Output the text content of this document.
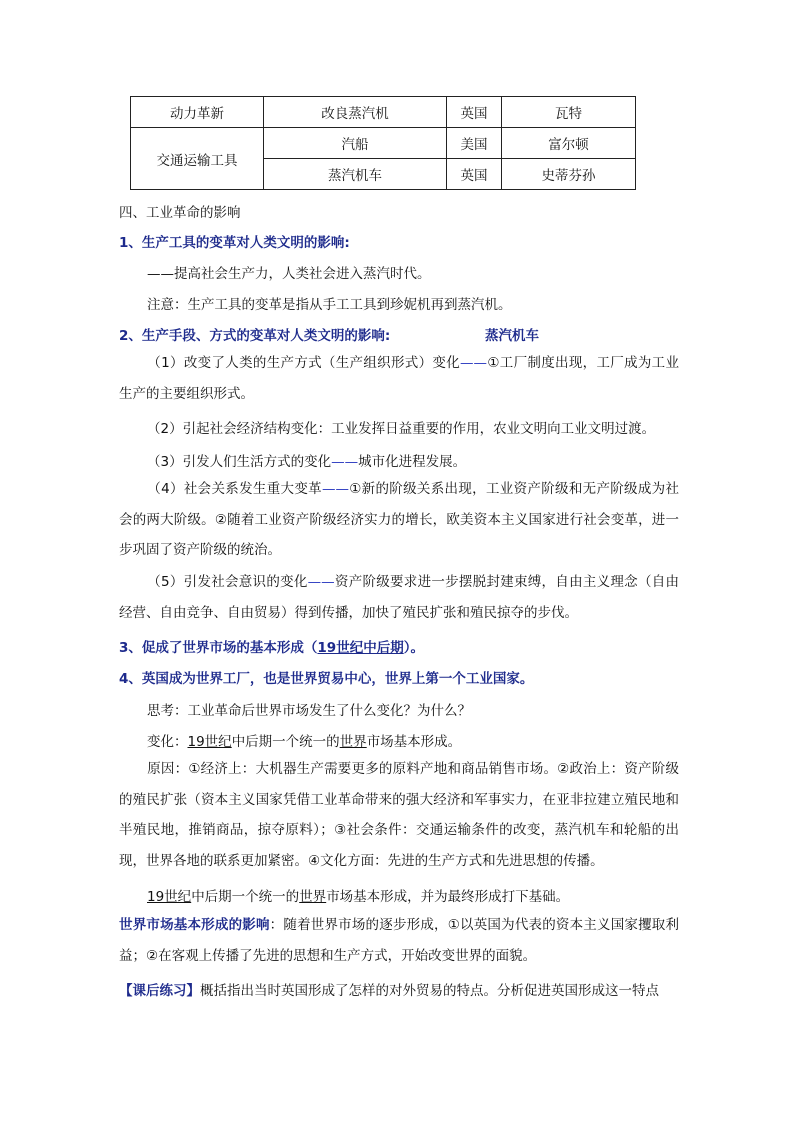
动力革新	改良蒸汽机	英国	瓦特
交通运输工具	汽船	美国	富尔顿
	蒸汽机车	英国	史蒂芬孙
四、工业革命的影响
1、生产工具的变革对人类文明的影响:
——提高社会生产力，人类社会进入蒸汽时代。
注意：生产工具的变革是指从手工工具到珍妮机再到蒸汽机。
2、生产手段、方式的变革对人类文明的影响:	蒸汽机车
（1）改变了人类的生产方式（生产组织形式）变化——①工厂制度出现，工厂成为工业生产的主要组织形式。
（2）引起社会经济结构变化：工业发挥日益重要的作用，农业文明向工业文明过渡。
（3）引发人们生活方式的变化——城市化进程发展。
（4）社会关系发生重大变革——①新的阶级关系出现，工业资产阶级和无产阶级成为社会的两大阶级。②随着工业资产阶级经济实力的增长，欧美资本主义国家进行社会变革，进一步巩固了资产阶级的统治。
（5）引发社会意识的变化——资产阶级要求进一步摆脱封建束缚，自由主义理念（自由经营、自由竞争、自由贸易）得到传播，加快了殖民扩张和殖民掠夺的步伐。
3、促成了世界市场的基本形成（19世纪中后期）。
4、英国成为世界工厂，也是世界贸易中心，世界上第一个工业国家。
思考：工业革命后世界市场发生了什么变化？为什么？
变化：19世纪中后期一个统一的世界市场基本形成。
原因：①经济上：大机器生产需要更多的原料产地和商品销售市场。②政治上：资产阶级的殖民扩张（资本主义国家凭借工业革命带来的强大经济和军事实力，在亚非拉建立殖民地和半殖民地，推销商品，掠夺原料）；③社会条件：交通运输条件的改变，蒸汽机车和轮船的出现，世界各地的联系更加紧密。④文化方面：先进的生产方式和先进思想的传播。
19世纪中后期一个统一的世界市场基本形成，并为最终形成打下基础。
世界市场基本形成的影响：随着世界市场的逐步形成，①以英国为代表的资本主义国家攫取利益；②在客观上传播了先进的思想和生产方式，开始改变世界的面貌。
【课后练习】概括指出当时英国形成了怎样的对外贸易的特点。分析促进英国形成这一特点
